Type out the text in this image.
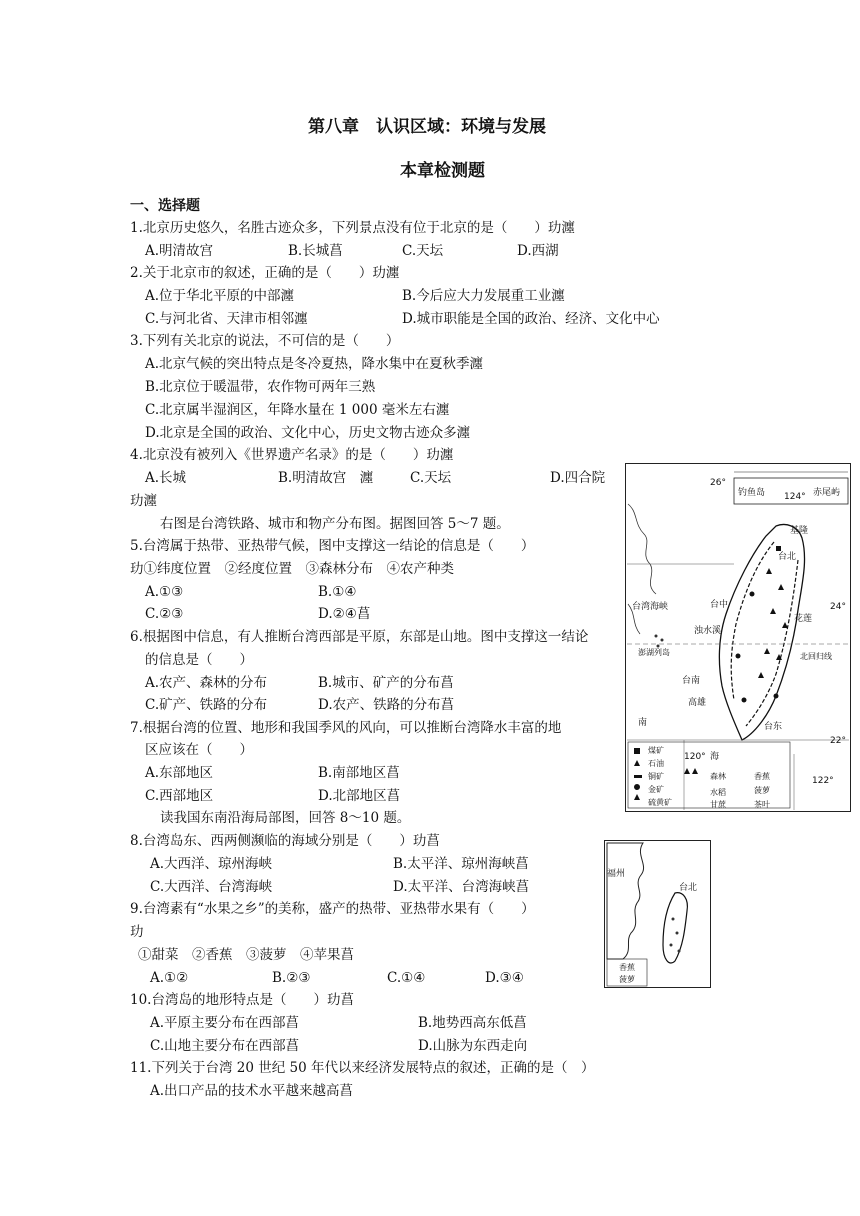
第八章　认识区域：环境与发展
本章检测题
一、选择题
1.北京历史悠久，名胜古迹众多，下列景点没有位于北京的是（　　）玏瀍
A.明清故宫	B.长城菖	C.天坛	D.西湖
2.关于北京市的叙述，正确的是（　　）玏瀍
A.位于华北平原的中部瀍	B.今后应大力发展重工业瀍
C.与河北省、天津市相邻瀍	D.城市职能是全国的政治、经济、文化中心
3.下列有关北京的说法，不可信的是（　　）
A.北京气候的突出特点是冬冷夏热，降水集中在夏秋季瀍
B.北京位于暖温带，农作物可两年三熟
C.北京属半湿润区，年降水量在 1 000 毫米左右瀍
D.北京是全国的政治、文化中心，历史文物古迹众多瀍
4.北京没有被列入《世界遗产名录》的是（　　）玏瀍
A.长城	B.明清故宫　瀍	C.天坛	D.四合院
玏瀍
右图是台湾铁路、城市和物产分布图。据图回答 5～7 题。
5.台湾属于热带、亚热带气候，图中支撑这一结论的信息是（　　）
玏①纬度位置　②经度位置　③森林分布　④农产种类
A.①③	B.①④
C.②③	D.②④菖
6.根据图中信息，有人推断台湾西部是平原，东部是山地。图中支撑这一结论
的信息是（　　）
A.农产、森林的分布	B.城市、矿产的分布菖
C.矿产、铁路的分布	D.农产、铁路的分布菖
7.根据台湾的位置、地形和我国季风的风向，可以推断台湾降水丰富的地
区应该在（　　）
A.东部地区	B.南部地区菖
C.西部地区	D.北部地区菖
读我国东南沿海局部图，回答 8～10 题。
8.台湾岛东、西两侧濒临的海域分别是（　　）玏菖
A.大西洋、琼州海峡	B.太平洋、琼州海峡菖
C.大西洋、台湾海峡	D.太平洋、台湾海峡菖
9.台湾素有“水果之乡”的美称，盛产的热带、亚热带水果有（　　）
玏
①甜菜　②香蕉　③菠萝　④苹果菖
A.①②	B.②③	C.①④	D.③④
10.台湾岛的地形特点是（　　）玏菖
A.平原主要分布在西部菖	B.地势西高东低菖
C.山地主要分布在西部菖	D.山脉为东西走向
11.下列关于台湾 20 世纪 50 年代以来经济发展特点的叙述，正确的是（　）
A.出口产品的技术水平越来越高菖
26°
钓鱼岛 124° 赤尾屿
基隆
台北
台湾海峡	台中
花莲
24°
浊水溪
澎湖列岛	北回归线
台南
高雄
台东
南
22°
120° 海
122°
煤矿
石油
铜矿
金矿
硫黄矿
森林
水稻
甘蔗
香蕉
菠萝
茶叶
福州
台北
香蕉
菠萝
